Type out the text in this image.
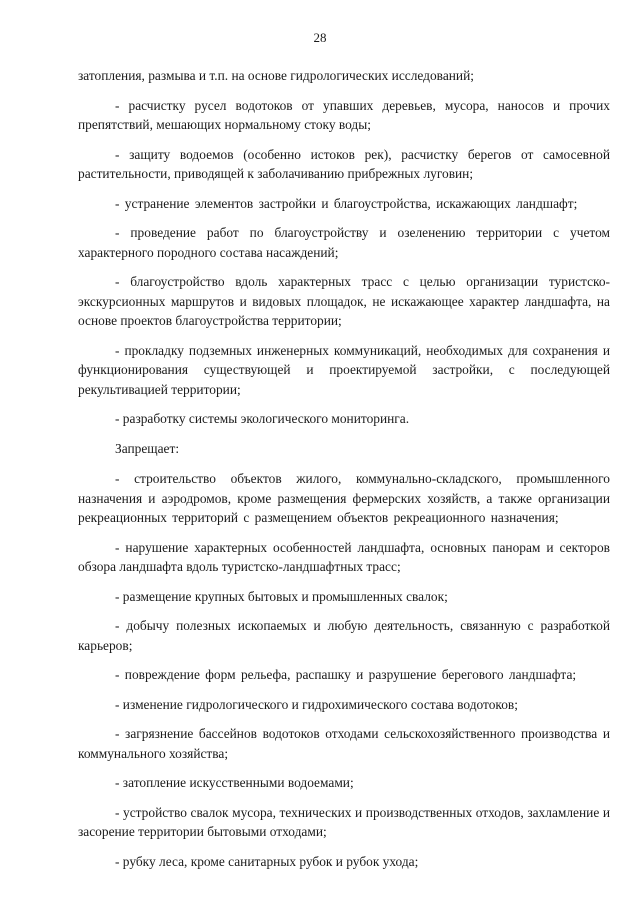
28

затопления, размыва и т.п. на основе гидрологических исследований;

- расчистку русел водотоков от упавших деревьев, мусора, наносов и прочих препятствий, мешающих нормальному стоку воды;

- защиту водоемов (особенно истоков рек), расчистку берегов от самосевной растительности, приводящей к заболачиванию прибрежных луговин;

- устранение элементов застройки и благоустройства, искажающих ландшафт;

- проведение работ по благоустройству и озеленению территории с учетом характерного породного состава насаждений;

- благоустройство вдоль характерных трасс с целью организации туристско-экскурсионных маршрутов и видовых площадок, не искажающее характер ландшафта, на основе проектов благоустройства территории;

- прокладку подземных инженерных коммуникаций, необходимых для сохранения и функционирования существующей и проектируемой застройки, с последующей рекультивацией территории;

- разработку системы экологического мониторинга.

Запрещает:

- строительство объектов жилого, коммунально-складского, промышленного назначения и аэродромов, кроме размещения фермерских хозяйств, а также организации рекреационных территорий с размещением объектов рекреационного назначения;

- нарушение характерных особенностей ландшафта, основных панорам и секторов обзора ландшафта вдоль туристско-ландшафтных трасс;

- размещение крупных бытовых и промышленных свалок;

- добычу полезных ископаемых и любую деятельность, связанную с разработкой карьеров;

- повреждение форм рельефа, распашку и разрушение берегового ландшафта;

- изменение гидрологического и гидрохимического состава водотоков;

- загрязнение бассейнов водотоков отходами сельскохозяйственного производства и коммунального хозяйства;

- затопление искусственными водоемами;

- устройство свалок мусора, технических и производственных отходов, захламление и засорение территории бытовыми отходами;

- рубку леса, кроме санитарных рубок и рубок ухода;
